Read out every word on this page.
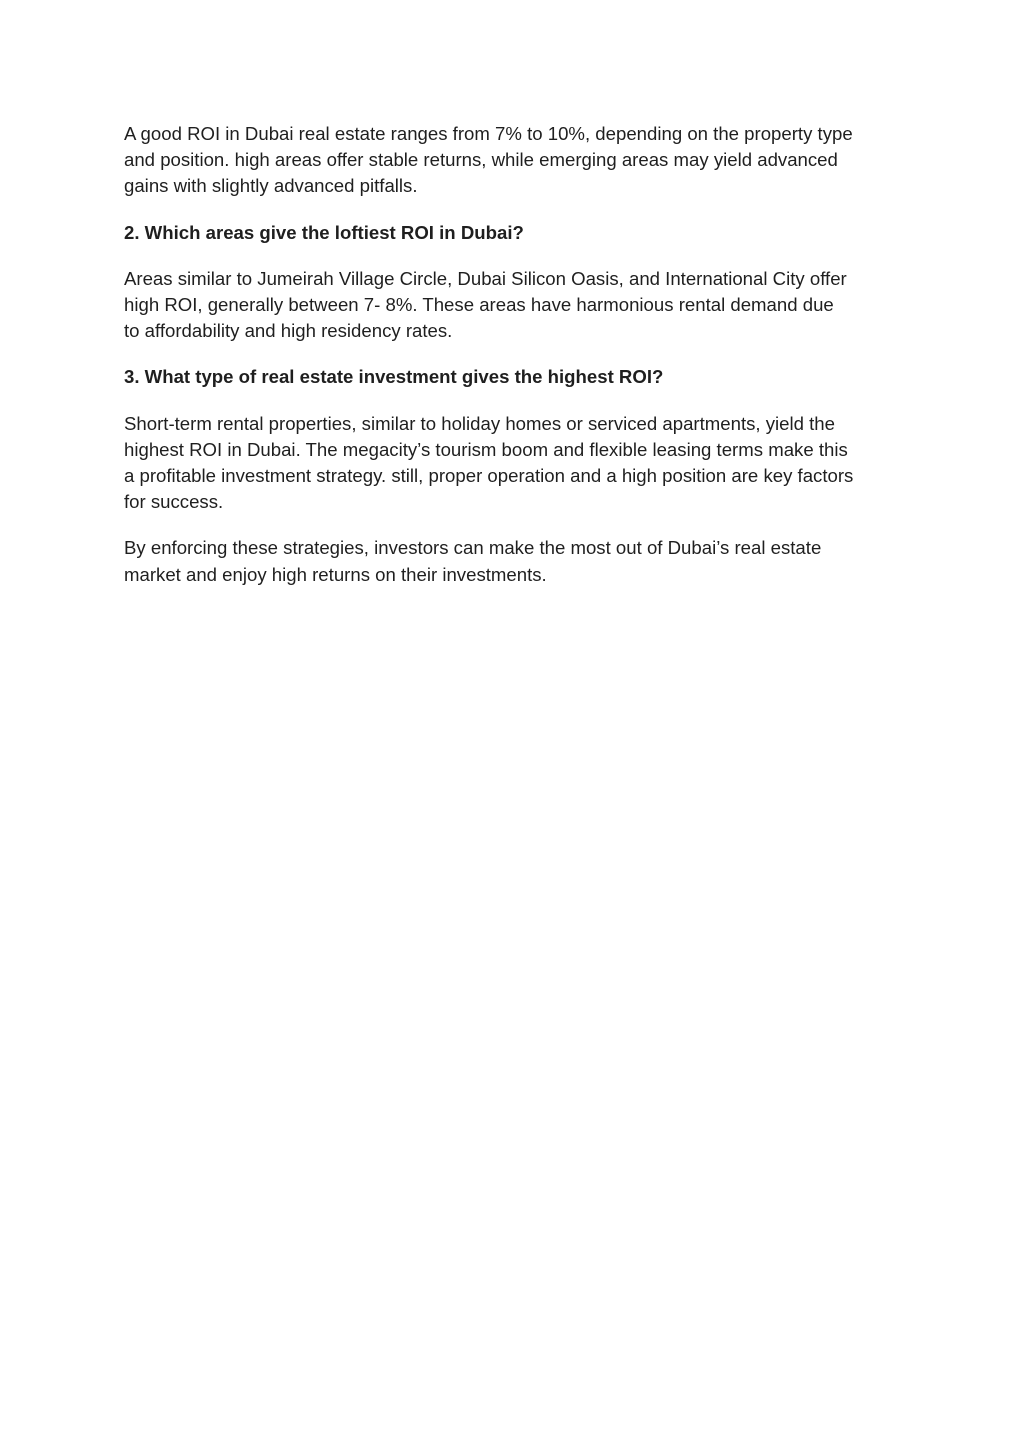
A good ROI in Dubai real estate ranges from 7% to 10%, depending on the property type
and position. high areas offer stable returns, while emerging areas may yield advanced
gains with slightly advanced pitfalls.

2. Which areas give the loftiest ROI in Dubai?

Areas similar to Jumeirah Village Circle, Dubai Silicon Oasis, and International City offer
high ROI, generally between 7- 8%. These areas have harmonious rental demand due
to affordability and high residency rates.

3. What type of real estate investment gives the highest ROI?

Short-term rental properties, similar to holiday homes or serviced apartments, yield the
highest ROI in Dubai. The megacity’s tourism boom and flexible leasing terms make this
a profitable investment strategy. still, proper operation and a high position are key factors
for success.

By enforcing these strategies, investors can make the most out of Dubai’s real estate
market and enjoy high returns on their investments.
